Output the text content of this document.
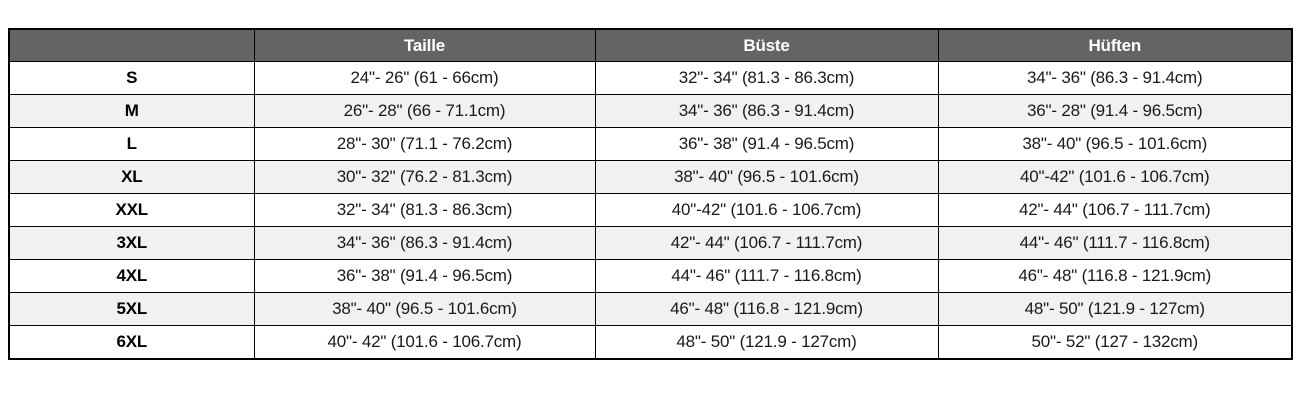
	Taille	Büste	Hüften
S	24"- 26" (61 - 66cm)	32"- 34" (81.3 - 86.3cm)	34"- 36" (86.3 - 91.4cm)
M	26"- 28" (66 - 71.1cm)	34"- 36" (86.3 - 91.4cm)	36"- 28" (91.4 - 96.5cm)
L	28"- 30" (71.1 - 76.2cm)	36"- 38" (91.4 - 96.5cm)	38"- 40" (96.5 - 101.6cm)
XL	30"- 32" (76.2 - 81.3cm)	38"- 40" (96.5 - 101.6cm)	40"-42" (101.6 - 106.7cm)
XXL	32"- 34" (81.3 - 86.3cm)	40"-42" (101.6 - 106.7cm)	42"- 44" (106.7 - 111.7cm)
3XL	34"- 36" (86.3 - 91.4cm)	42"- 44" (106.7 - 111.7cm)	44"- 46" (111.7 - 116.8cm)
4XL	36"- 38" (91.4 - 96.5cm)	44"- 46" (111.7 - 116.8cm)	46"- 48" (116.8 - 121.9cm)
5XL	38"- 40" (96.5 - 101.6cm)	46"- 48" (116.8 - 121.9cm)	48"- 50" (121.9 - 127cm)
6XL	40"- 42" (101.6 - 106.7cm)	48"- 50" (121.9 - 127cm)	50"- 52" (127 - 132cm)
